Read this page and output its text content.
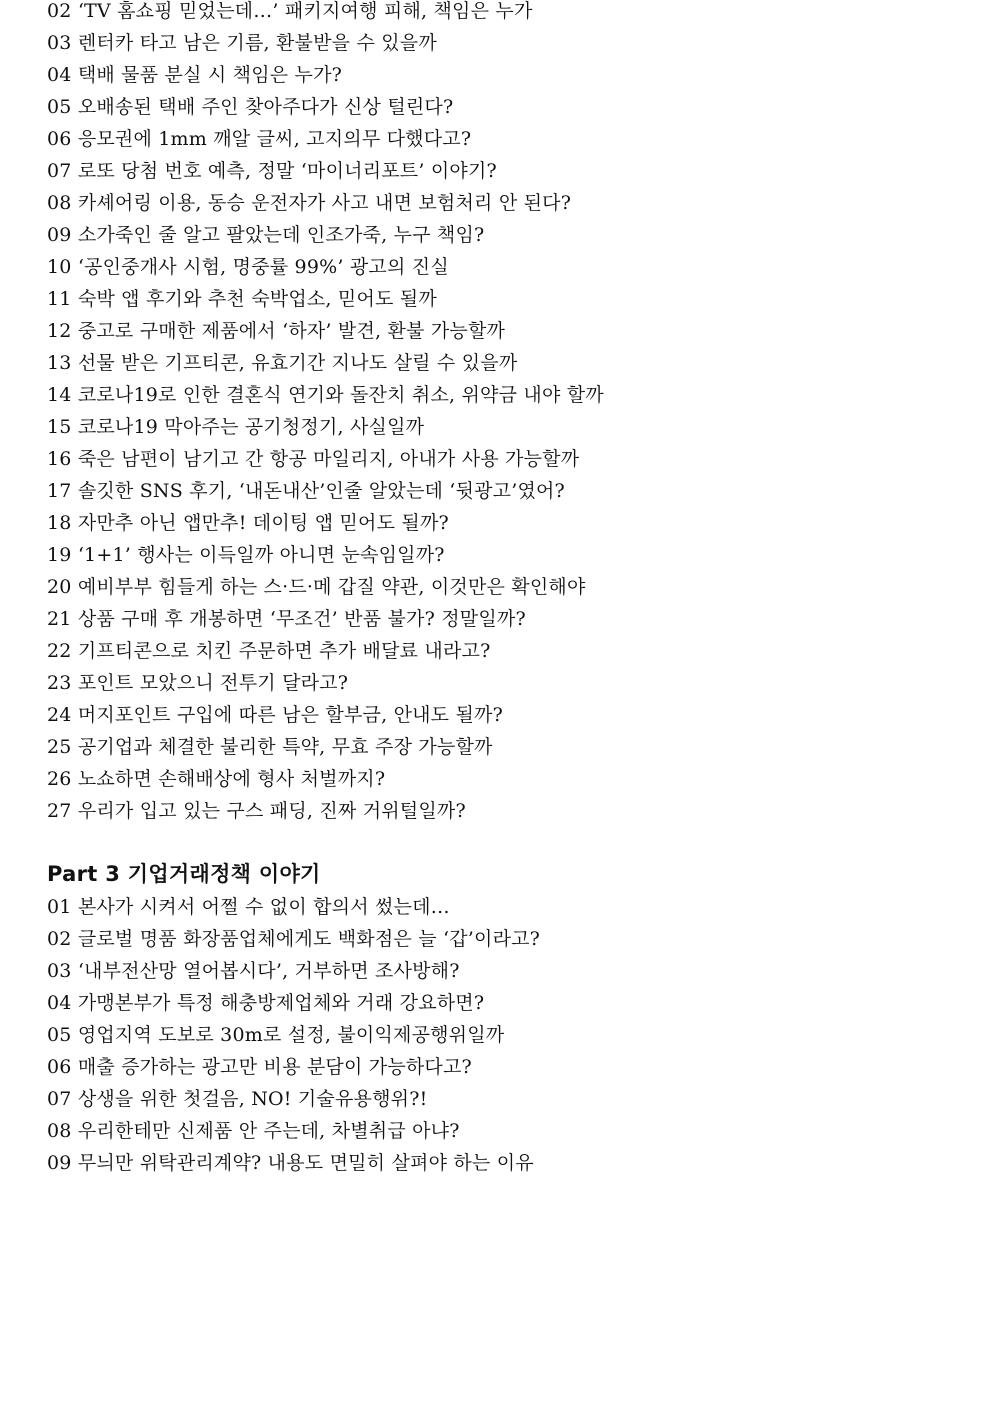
02 ‘TV 홈쇼핑 믿었는데…’ 패키지여행 피해, 책임은 누가
03 렌터카 타고 남은 기름, 환불받을 수 있을까
04 택배 물품 분실 시 책임은 누가?
05 오배송된 택배 주인 찾아주다가 신상 털린다?
06 응모권에 1mm 깨알 글씨, 고지의무 다했다고?
07 로또 당첨 번호 예측, 정말 ‘마이너리포트’ 이야기?
08 카셰어링 이용, 동승 운전자가 사고 내면 보험처리 안 된다?
09 소가죽인 줄 알고 팔았는데 인조가죽, 누구 책임?
10 ‘공인중개사 시험, 명중률 99%’ 광고의 진실
11 숙박 앱 후기와 추천 숙박업소, 믿어도 될까
12 중고로 구매한 제품에서 ‘하자’ 발견, 환불 가능할까
13 선물 받은 기프티콘, 유효기간 지나도 살릴 수 있을까
14 코로나19로 인한 결혼식 연기와 돌잔치 취소, 위약금 내야 할까
15 코로나19 막아주는 공기청정기, 사실일까
16 죽은 남편이 남기고 간 항공 마일리지, 아내가 사용 가능할까
17 솔깃한 SNS 후기, ‘내돈내산’인줄 알았는데 ‘뒷광고’였어?
18 자만추 아닌 앱만추! 데이팅 앱 믿어도 될까?
19 ‘1+1’ 행사는 이득일까 아니면 눈속임일까?
20 예비부부 힘들게 하는 스·드·메 갑질 약관, 이것만은 확인해야
21 상품 구매 후 개봉하면 ‘무조건’ 반품 불가? 정말일까?
22 기프티콘으로 치킨 주문하면 추가 배달료 내라고?
23 포인트 모았으니 전투기 달라고?
24 머지포인트 구입에 따른 남은 할부금, 안내도 될까?
25 공기업과 체결한 불리한 특약, 무효 주장 가능할까
26 노쇼하면 손해배상에 형사 처벌까지?
27 우리가 입고 있는 구스 패딩, 진짜 거위털일까?
Part 3 기업거래정책 이야기
01 본사가 시켜서 어쩔 수 없이 합의서 썼는데…
02 글로벌 명품 화장품업체에게도 백화점은 늘 ‘갑’이라고?
03 ‘내부전산망 열어봅시다’, 거부하면 조사방해?
04 가맹본부가 특정 해충방제업체와 거래 강요하면?
05 영업지역 도보로 30m로 설정, 불이익제공행위일까
06 매출 증가하는 광고만 비용 분담이 가능하다고?
07 상생을 위한 첫걸음, NO! 기술유용행위?!
08 우리한테만 신제품 안 주는데, 차별취급 아냐?
09 무늬만 위탁관리계약? 내용도 면밀히 살펴야 하는 이유
